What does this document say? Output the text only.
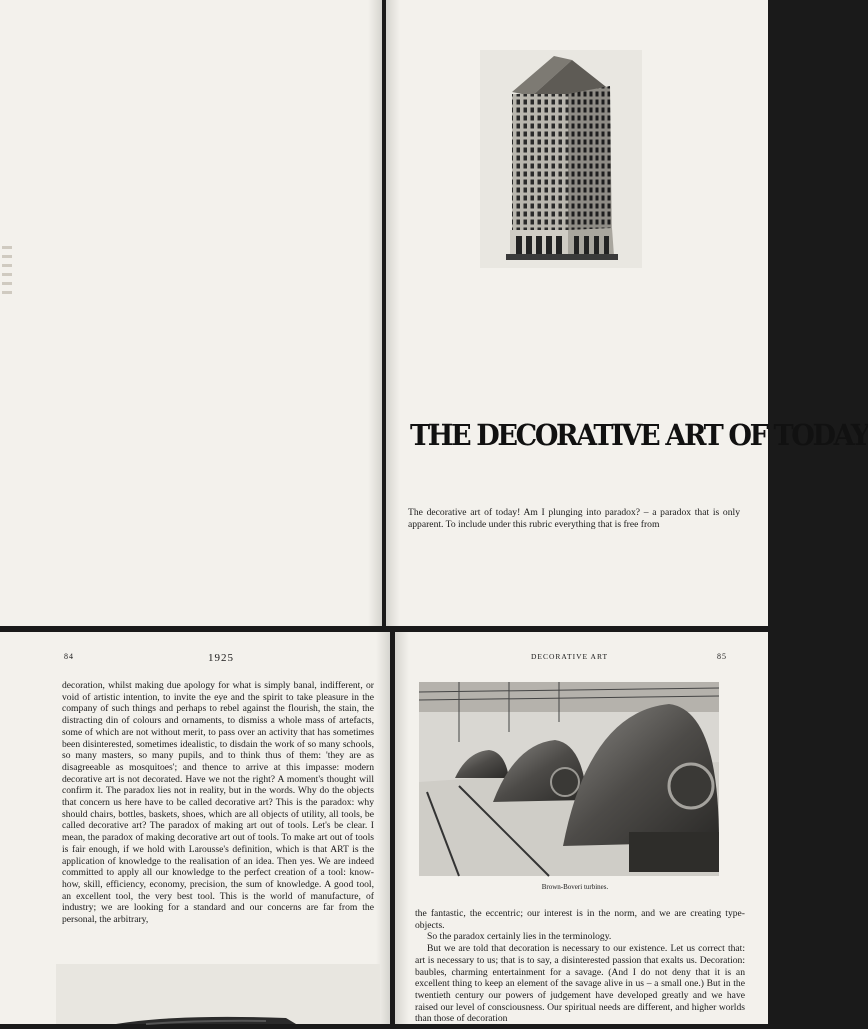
THE DECORATIVE ART OF TODAY

The decorative art of today! Am I plunging into paradox? – a paradox that is only apparent. To include under this rubric everything that is free from

84	1925

decoration, whilst making due apology for what is simply banal, indifferent, or void of artistic intention, to invite the eye and the spirit to take pleasure in the company of such things and perhaps to rebel against the flourish, the stain, the distracting din of colours and ornaments, to dismiss a whole mass of artefacts, some of which are not without merit, to pass over an activity that has sometimes been disinterested, sometimes idealistic, to disdain the work of so many schools, so many masters, so many pupils, and to think thus of them: 'they are as disagreeable as mosquitoes'; and thence to arrive at this impasse: modern decorative art is not decorated. Have we not the right? A moment's thought will confirm it. The paradox lies not in reality, but in the words. Why do the objects that concern us here have to be called decorative art? This is the paradox: why should chairs, bottles, baskets, shoes, which are all objects of utility, all tools, be called decorative art? The paradox of making art out of tools. Let's be clear. I mean, the paradox of making decorative art out of tools. To make art out of tools is fair enough, if we hold with Larousse's definition, which is that ART is the application of knowledge to the realisation of an idea. Then yes. We are indeed committed to apply all our knowledge to the perfect creation of a tool: know-how, skill, efficiency, economy, precision, the sum of knowledge. A good tool, an excellent tool, the very best tool. This is the world of manufacture, of industry; we are looking for a standard and our concerns are far from the personal, the arbitrary,

DECORATIVE ART	85
Brown-Boveri turbines.

the fantastic, the eccentric; our interest is in the norm, and we are creating type-objects.
So the paradox certainly lies in the terminology.
But we are told that decoration is necessary to our existence. Let us correct that: art is necessary to us; that is to say, a disinterested passion that exalts us. Decoration: baubles, charming entertainment for a savage. (And I do not deny that it is an excellent thing to keep an element of the savage alive in us – a small one.) But in the twentieth century our powers of judgement have developed greatly and we have raised our level of consciousness. Our spiritual needs are different, and higher worlds than those of decoration
